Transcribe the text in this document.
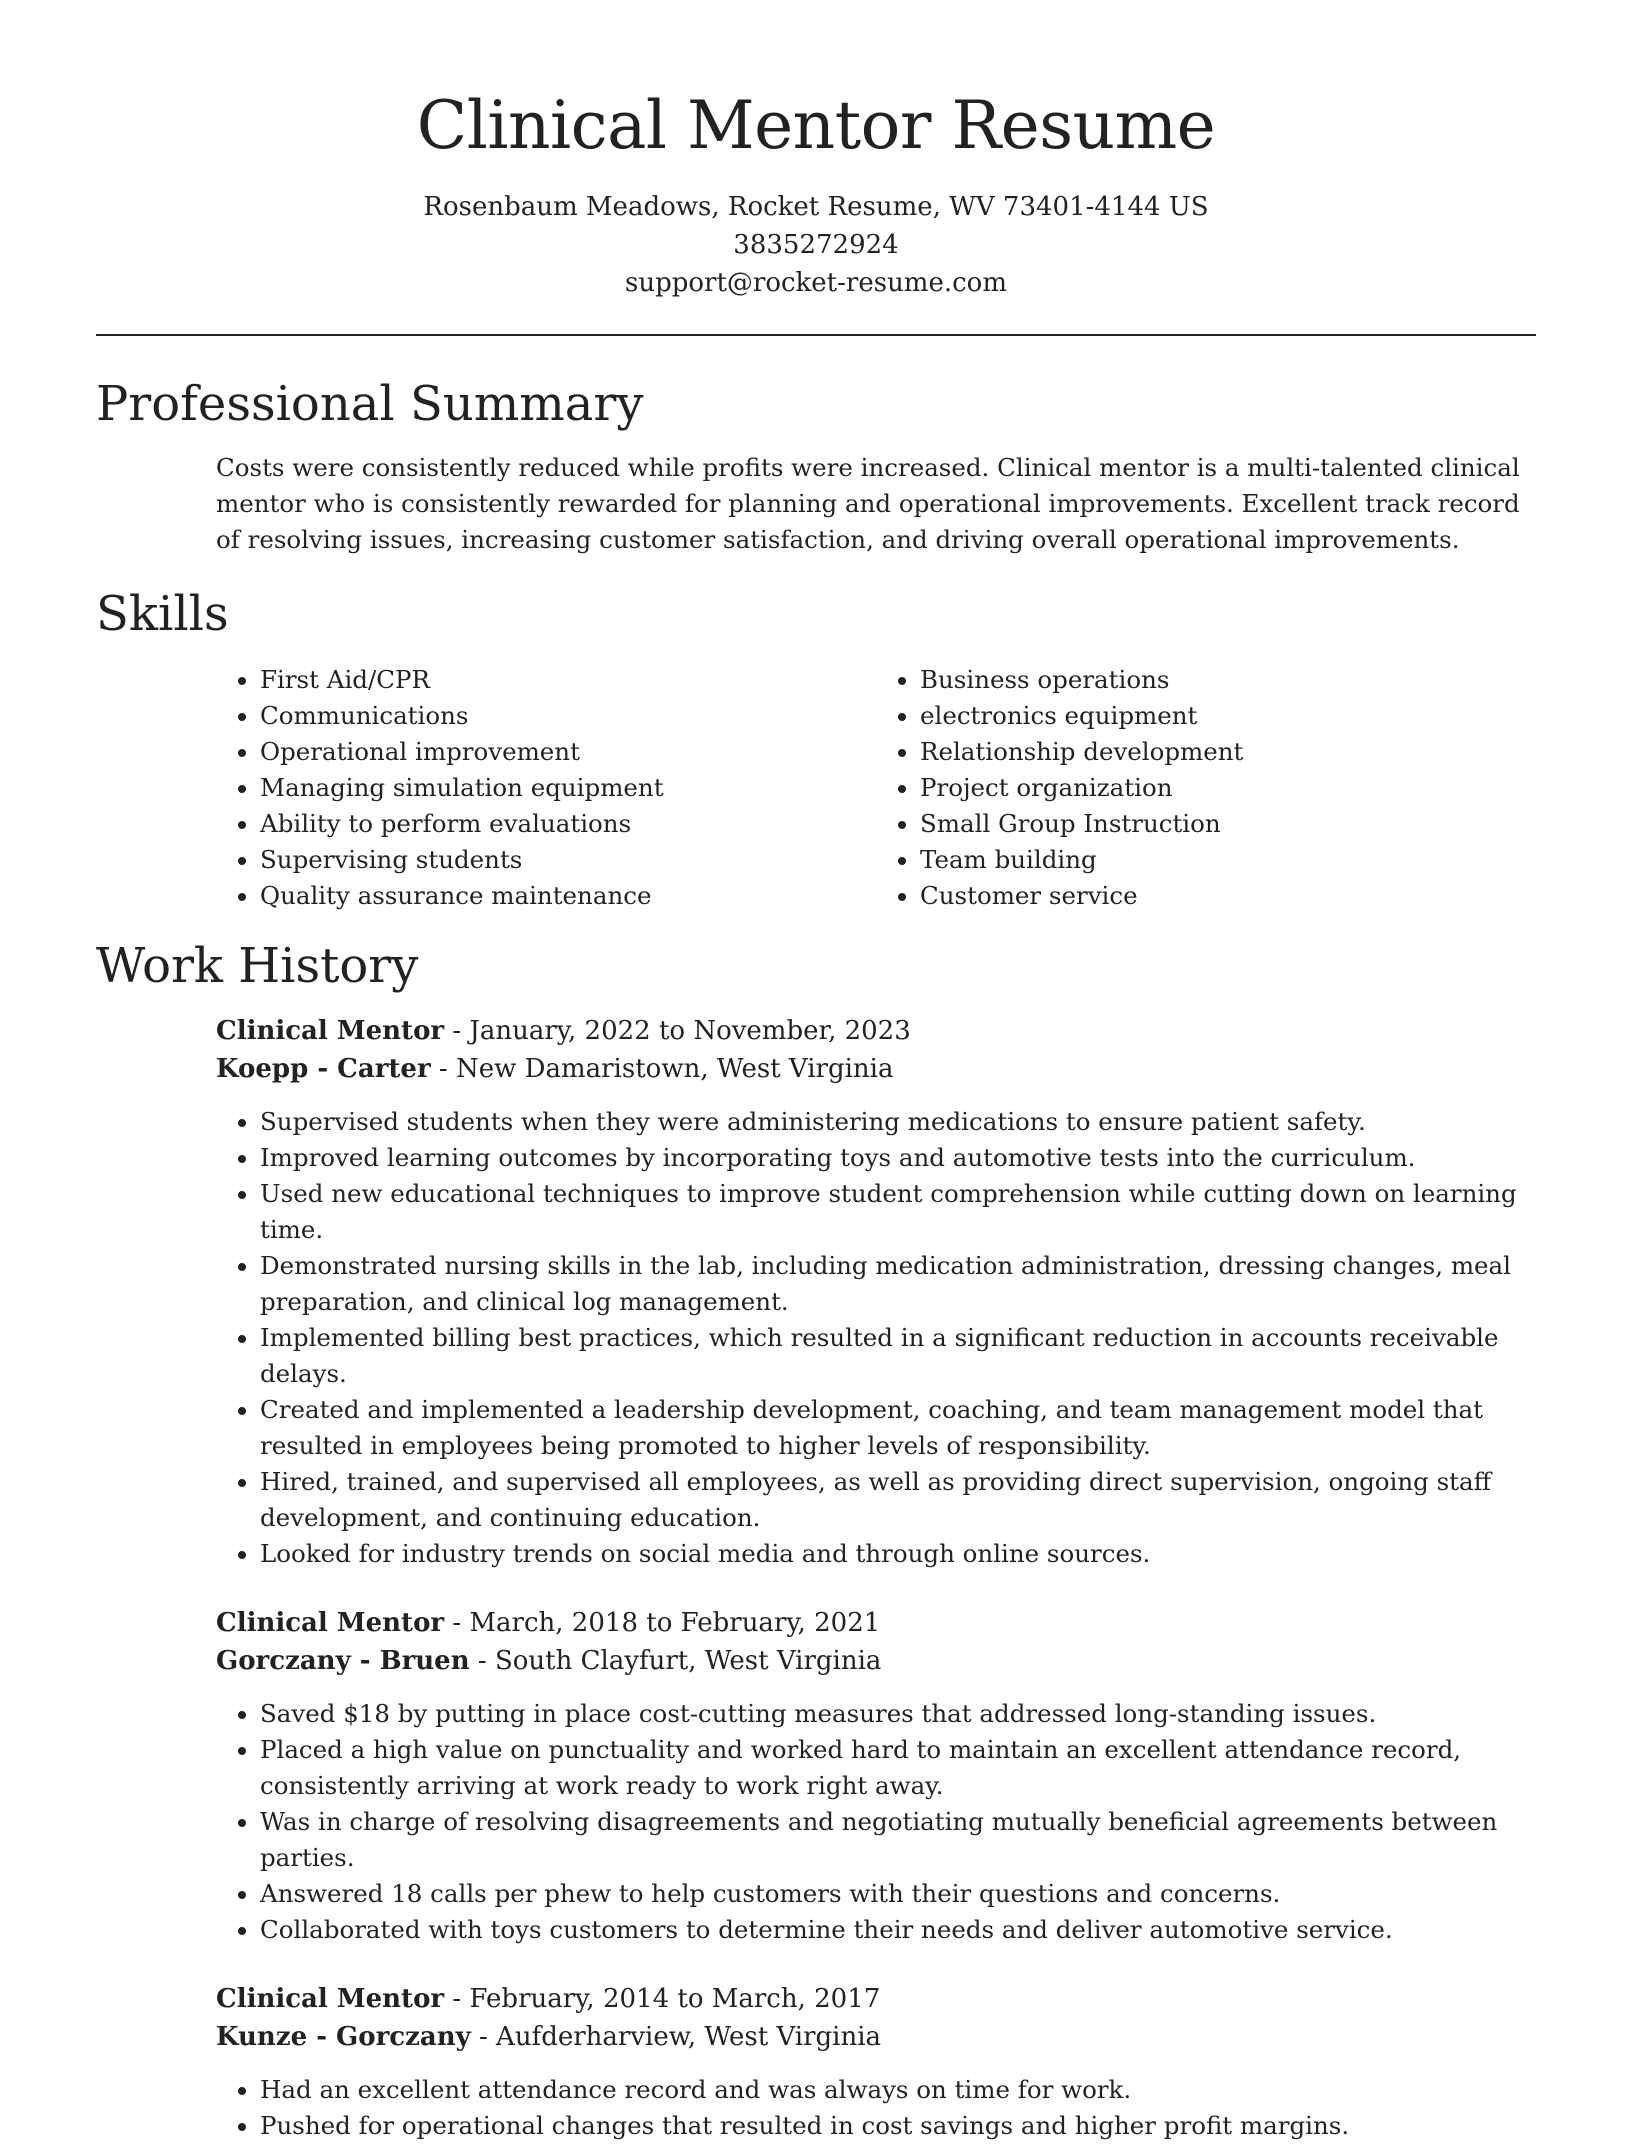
Clinical Mentor Resume
Rosenbaum Meadows, Rocket Resume, WV 73401-4144 US
3835272924
support@rocket-resume.com
Professional Summary

Costs were consistently reduced while profits were increased. Clinical mentor is a multi-talented clinical mentor who is consistently rewarded for planning and operational improvements. Excellent track record of resolving issues, increasing customer satisfaction, and driving overall operational improvements.

Skills
• First Aid/CPR
• Communications
• Operational improvement
• Managing simulation equipment
• Ability to perform evaluations
• Supervising students
• Quality assurance maintenance
• Business operations
• electronics equipment
• Relationship development
• Project organization
• Small Group Instruction
• Team building
• Customer service
Work History
Clinical Mentor - January, 2022 to November, 2023
Koepp - Carter - New Damaristown, West Virginia
• Supervised students when they were administering medications to ensure patient safety.
• Improved learning outcomes by incorporating toys and automotive tests into the curriculum.
• Used new educational techniques to improve student comprehension while cutting down on learning time.
• Demonstrated nursing skills in the lab, including medication administration, dressing changes, meal preparation, and clinical log management.
• Implemented billing best practices, which resulted in a significant reduction in accounts receivable delays.
• Created and implemented a leadership development, coaching, and team management model that resulted in employees being promoted to higher levels of responsibility.
• Hired, trained, and supervised all employees, as well as providing direct supervision, ongoing staff development, and continuing education.
• Looked for industry trends on social media and through online sources.
Clinical Mentor - March, 2018 to February, 2021
Gorczany - Bruen - South Clayfurt, West Virginia
• Saved $18 by putting in place cost-cutting measures that addressed long-standing issues.
• Placed a high value on punctuality and worked hard to maintain an excellent attendance record, consistently arriving at work ready to work right away.
• Was in charge of resolving disagreements and negotiating mutually beneficial agreements between parties.
• Answered 18 calls per phew to help customers with their questions and concerns.
• Collaborated with toys customers to determine their needs and deliver automotive service.
Clinical Mentor - February, 2014 to March, 2017
Kunze - Gorczany - Aufderharview, West Virginia
• Had an excellent attendance record and was always on time for work.
• Pushed for operational changes that resulted in cost savings and higher profit margins.
